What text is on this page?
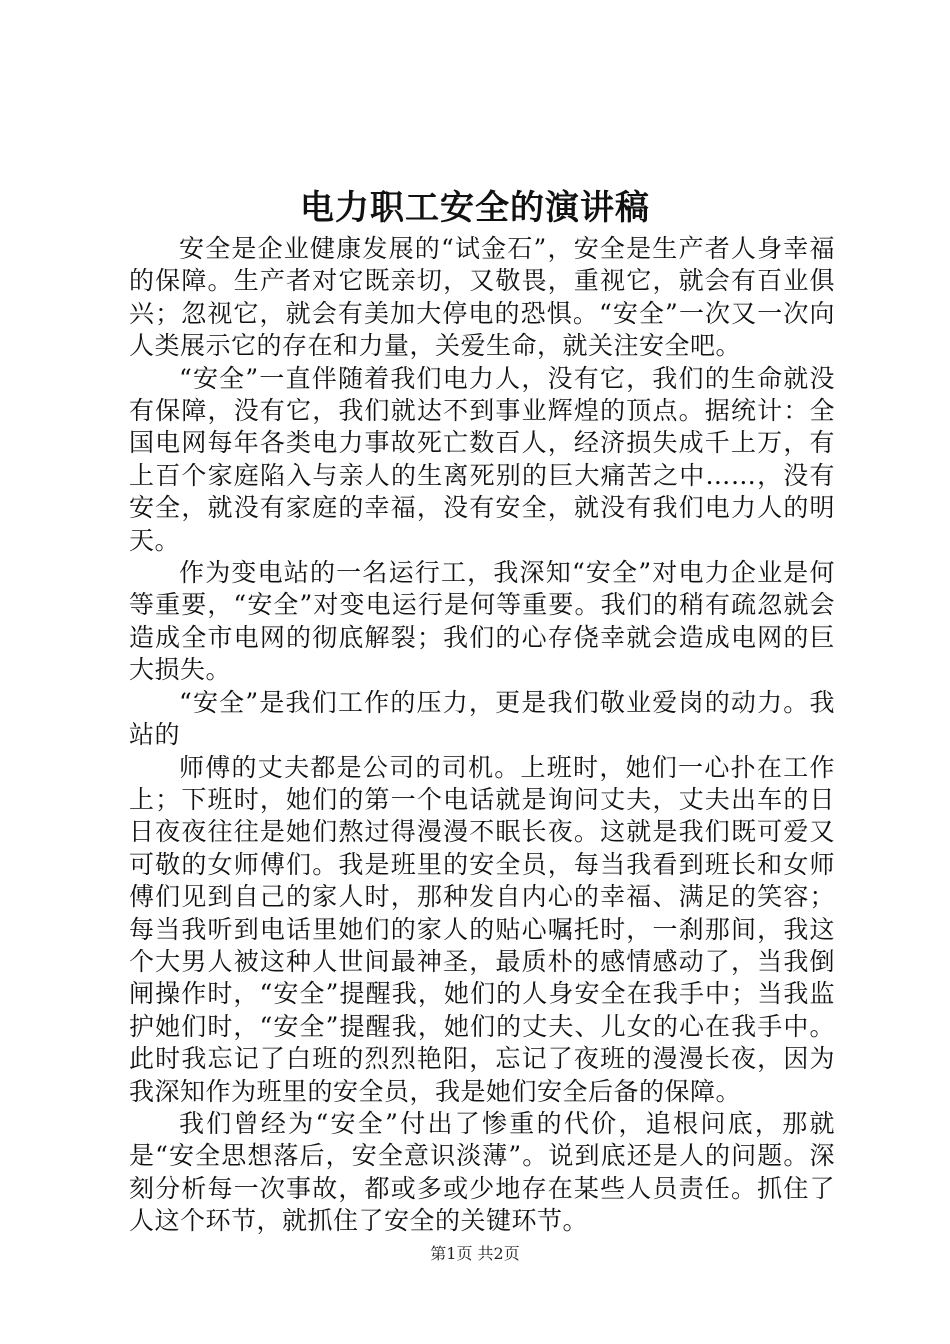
电力职工安全的演讲稿

安全是企业健康发展的“试金石”，安全是生产者人身幸福的保障。生产者对它既亲切，又敬畏，重视它，就会有百业俱兴；忽视它，就会有美加大停电的恐惧。“安全”一次又一次向人类展示它的存在和力量，关爱生命，就关注安全吧。

“安全”一直伴随着我们电力人，没有它，我们的生命就没有保障，没有它，我们就达不到事业辉煌的顶点。据统计：全国电网每年各类电力事故死亡数百人，经济损失成千上万，有上百个家庭陷入与亲人的生离死别的巨大痛苦之中……，没有安全，就没有家庭的幸福，没有安全，就没有我们电力人的明天。

作为变电站的一名运行工，我深知“安全”对电力企业是何等重要，“安全”对变电运行是何等重要。我们的稍有疏忽就会造成全市电网的彻底解裂；我们的心存侥幸就会造成电网的巨大损失。

“安全”是我们工作的压力，更是我们敬业爱岗的动力。我站的

师傅的丈夫都是公司的司机。上班时，她们一心扑在工作上；下班时，她们的第一个电话就是询问丈夫，丈夫出车的日日夜夜往往是她们熬过得漫漫不眠长夜。这就是我们既可爱又可敬的女师傅们。我是班里的安全员，每当我看到班长和女师傅们见到自己的家人时，那种发自内心的幸福、满足的笑容；每当我听到电话里她们的家人的贴心嘱托时，一刹那间，我这个大男人被这种人世间最神圣，最质朴的感情感动了，当我倒闸操作时，“安全”提醒我，她们的人身安全在我手中；当我监护她们时，“安全”提醒我，她们的丈夫、儿女的心在我手中。此时我忘记了白班的烈烈艳阳，忘记了夜班的漫漫长夜，因为我深知作为班里的安全员，我是她们安全后备的保障。

我们曾经为“安全”付出了惨重的代价，追根问底，那就是“安全思想落后，安全意识淡薄”。说到底还是人的问题。深刻分析每一次事故，都或多或少地存在某些人员责任。抓住了人这个环节，就抓住了安全的关键环节。

第1页 共2页
